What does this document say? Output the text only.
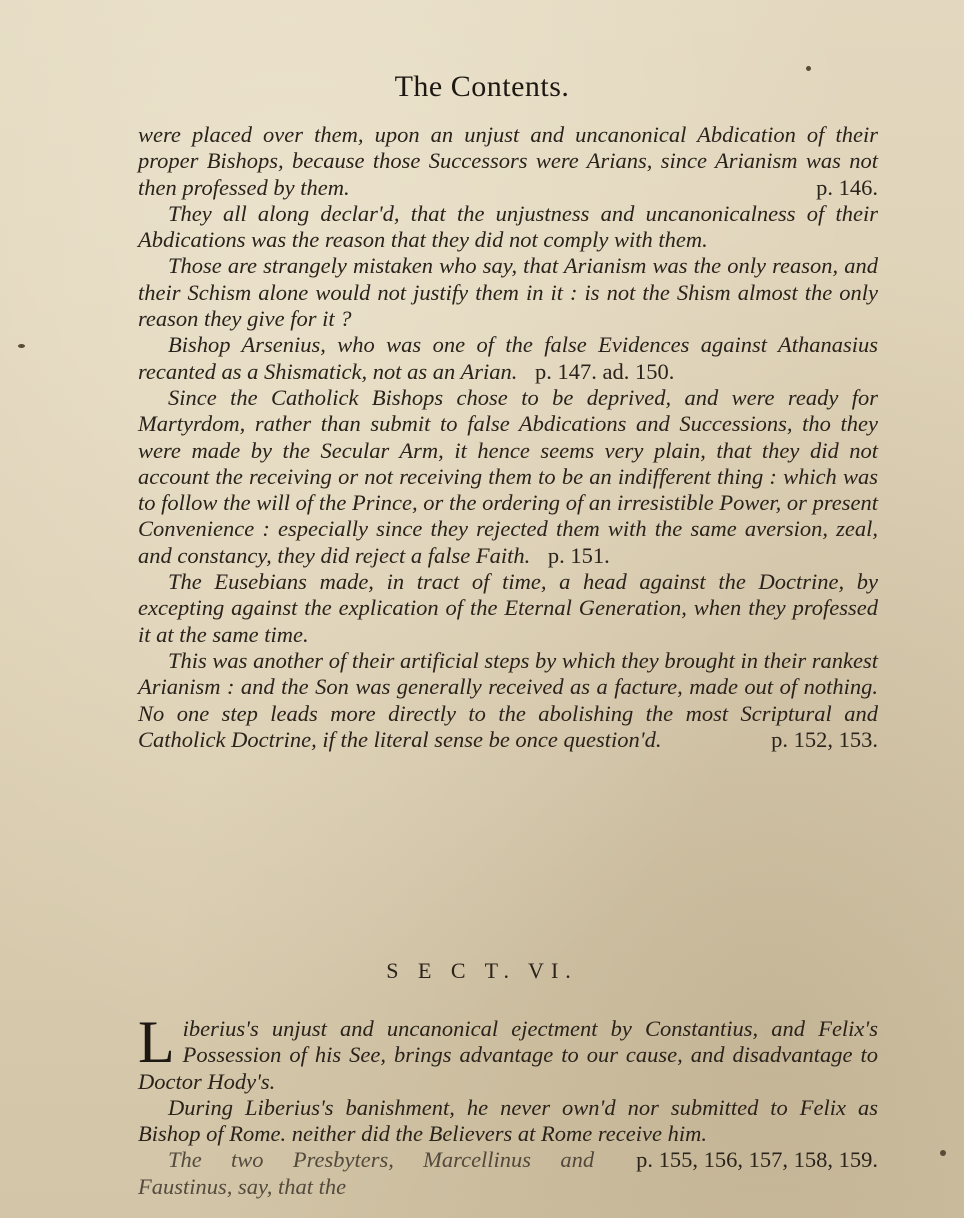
The Contents.

were placed over them, upon an unjust and uncanonical Abdication of their proper Bishops, because those Successors were Arians, since Arianism was not then professed by them.	p. 146.

They all along declar'd, that the unjustness and uncanonicalness of their Abdications was the reason that they did not comply with them.

Those are strangely mistaken who say, that Arianism was the only reason, and their Schism alone would not justify them in it : is not the Shism almost the only reason they give for it ?

Bishop Arsenius, who was one of the false Evidences against Athanasius recanted as a Shismatick, not as an Arian. p. 147. ad. 150.

Since the Catholick Bishops chose to be deprived, and were ready for Martyrdom, rather than submit to false Abdications and Successions, tho they were made by the Secular Arm, it hence seems very plain, that they did not account the receiving or not receiving them to be an indifferent thing : which was to follow the will of the Prince, or the ordering of an irresistible Power, or present Convenience : especially since they rejected them with the same aversion, zeal, and constancy, they did reject a false Faith. p. 151.

The Eusebians made, in tract of time, a head against the Doctrine, by excepting against the explication of the Eternal Generation, when they professed it at the same time.

This was another of their artificial steps by which they brought in their rankest Arianism : and the Son was generally received as a facture, made out of nothing. No one step leads more directly to the abolishing the most Scriptural and Catholick Doctrine, if the literal sense be once question'd.	p. 152, 153.

S E C T. VI.

Liberius's unjust and uncanonical ejectment by Constantius, and Felix's Possession of his See, brings advantage to our cause, and disadvantage to Doctor Hody's.

During Liberius's banishment, he never own'd nor submitted to Felix as Bishop of Rome. neither did the Believers at Rome receive him.
p. 155, 156, 157, 158, 159.

The two Presbyters, Marcellinus and Faustinus, say, that the
